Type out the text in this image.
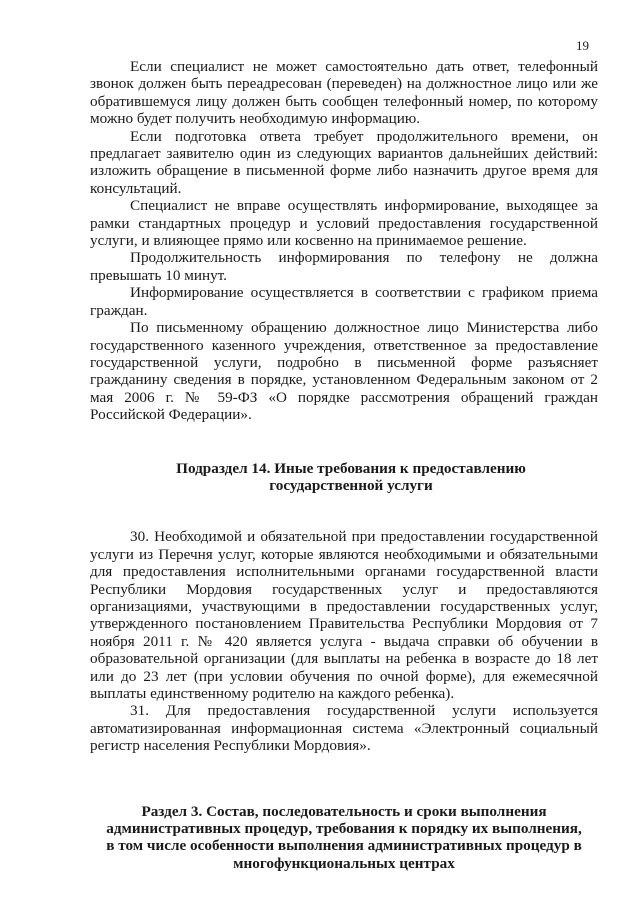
19

Если специалист не может самостоятельно дать ответ, телефонный звонок должен быть переадресован (переведен) на должностное лицо или же обратившемуся лицу должен быть сообщен телефонный номер, по которому можно будет получить необходимую информацию.

Если подготовка ответа требует продолжительного времени, он предлагает заявителю один из следующих вариантов дальнейших действий: изложить обращение в письменной форме либо назначить другое время для консультаций.

Специалист не вправе осуществлять информирование, выходящее за рамки стандартных процедур и условий предоставления государственной услуги, и влияющее прямо или косвенно на принимаемое решение.

Продолжительность информирования по телефону не должна превышать 10 минут.

Информирование осуществляется в соответствии с графиком приема граждан.

По письменному обращению должностное лицо Министерства либо государственного казенного учреждения, ответственное за предоставление государственной услуги, подробно в письменной форме разъясняет гражданину сведения в порядке, установленном Федеральным законом от 2 мая 2006 г. № 59-ФЗ «О порядке рассмотрения обращений граждан Российской Федерации».

Подраздел 14. Иные требования к предоставлению

государственной услуги

30. Необходимой и обязательной при предоставлении государственной услуги из Перечня услуг, которые являются необходимыми и обязательными для предоставления исполнительными органами государственной власти Республики Мордовия государственных услуг и предоставляются организациями, участвующими в предоставлении государственных услуг, утвержденного постановлением Правительства Республики Мордовия от 7 ноября 2011 г. № 420 является услуга - выдача справки об обучении в образовательной организации (для выплаты на ребенка в возрасте до 18 лет или до 23 лет (при условии обучения по очной форме), для ежемесячной выплаты единственному родителю на каждого ребенка).

31. Для предоставления государственной услуги используется автоматизированная информационная система «Электронный социальный регистр населения Республики Мордовия».

Раздел 3. Состав, последовательность и сроки выполнения

административных процедур, требования к порядку их выполнения,

в том числе особенности выполнения административных процедур в

многофункциональных центрах
